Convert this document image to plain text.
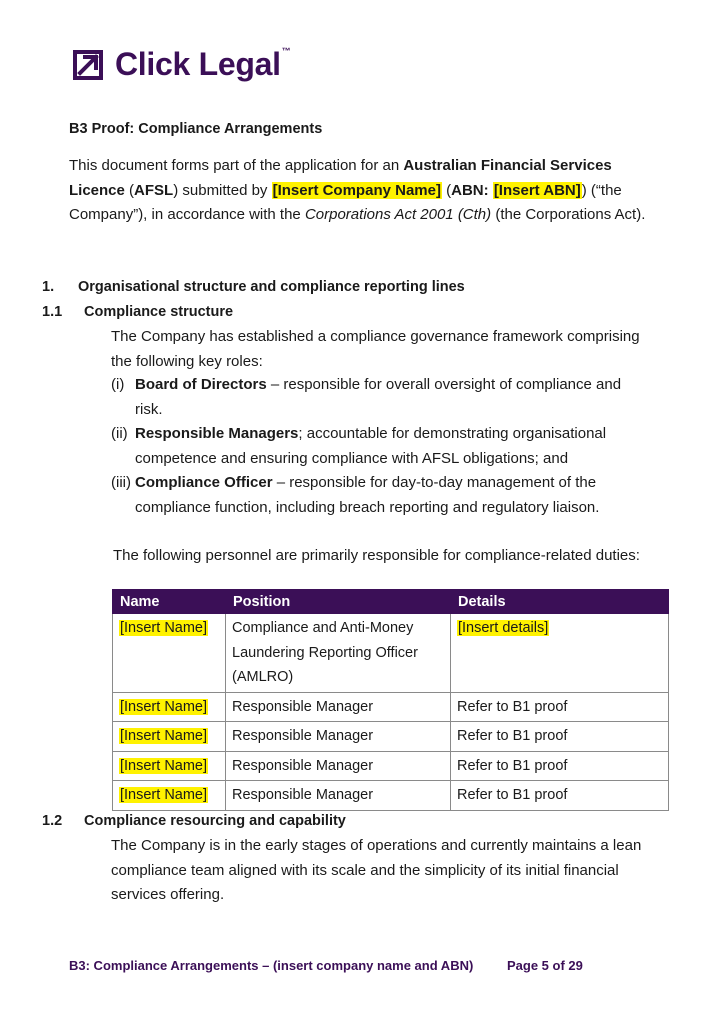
Click Legal ™
B3 Proof: Compliance Arrangements
This document forms part of the application for an Australian Financial Services Licence (AFSL) submitted by [Insert Company Name] (ABN: [Insert ABN]) (“the Company”), in accordance with the Corporations Act 2001 (Cth) (the Corporations Act).
1. Organisational structure and compliance reporting lines
1.1 Compliance structure
The Company has established a compliance governance framework comprising the following key roles:
(i) Board of Directors – responsible for overall oversight of compliance and risk.
(ii) Responsible Managers; accountable for demonstrating organisational competence and ensuring compliance with AFSL obligations; and
(iii) Compliance Officer – responsible for day-to-day management of the compliance function, including breach reporting and regulatory liaison.
The following personnel are primarily responsible for compliance-related duties:
Name	Position	Details
[Insert Name]	Compliance and Anti-Money Laundering Reporting Officer (AMLRO)	[Insert details]
[Insert Name]	Responsible Manager	Refer to B1 proof
[Insert Name]	Responsible Manager	Refer to B1 proof
[Insert Name]	Responsible Manager	Refer to B1 proof
[Insert Name]	Responsible Manager	Refer to B1 proof
1.2 Compliance resourcing and capability
The Company is in the early stages of operations and currently maintains a lean compliance team aligned with its scale and the simplicity of its initial financial services offering.
B3: Compliance Arrangements – (insert company name and ABN)	Page 5 of 29
